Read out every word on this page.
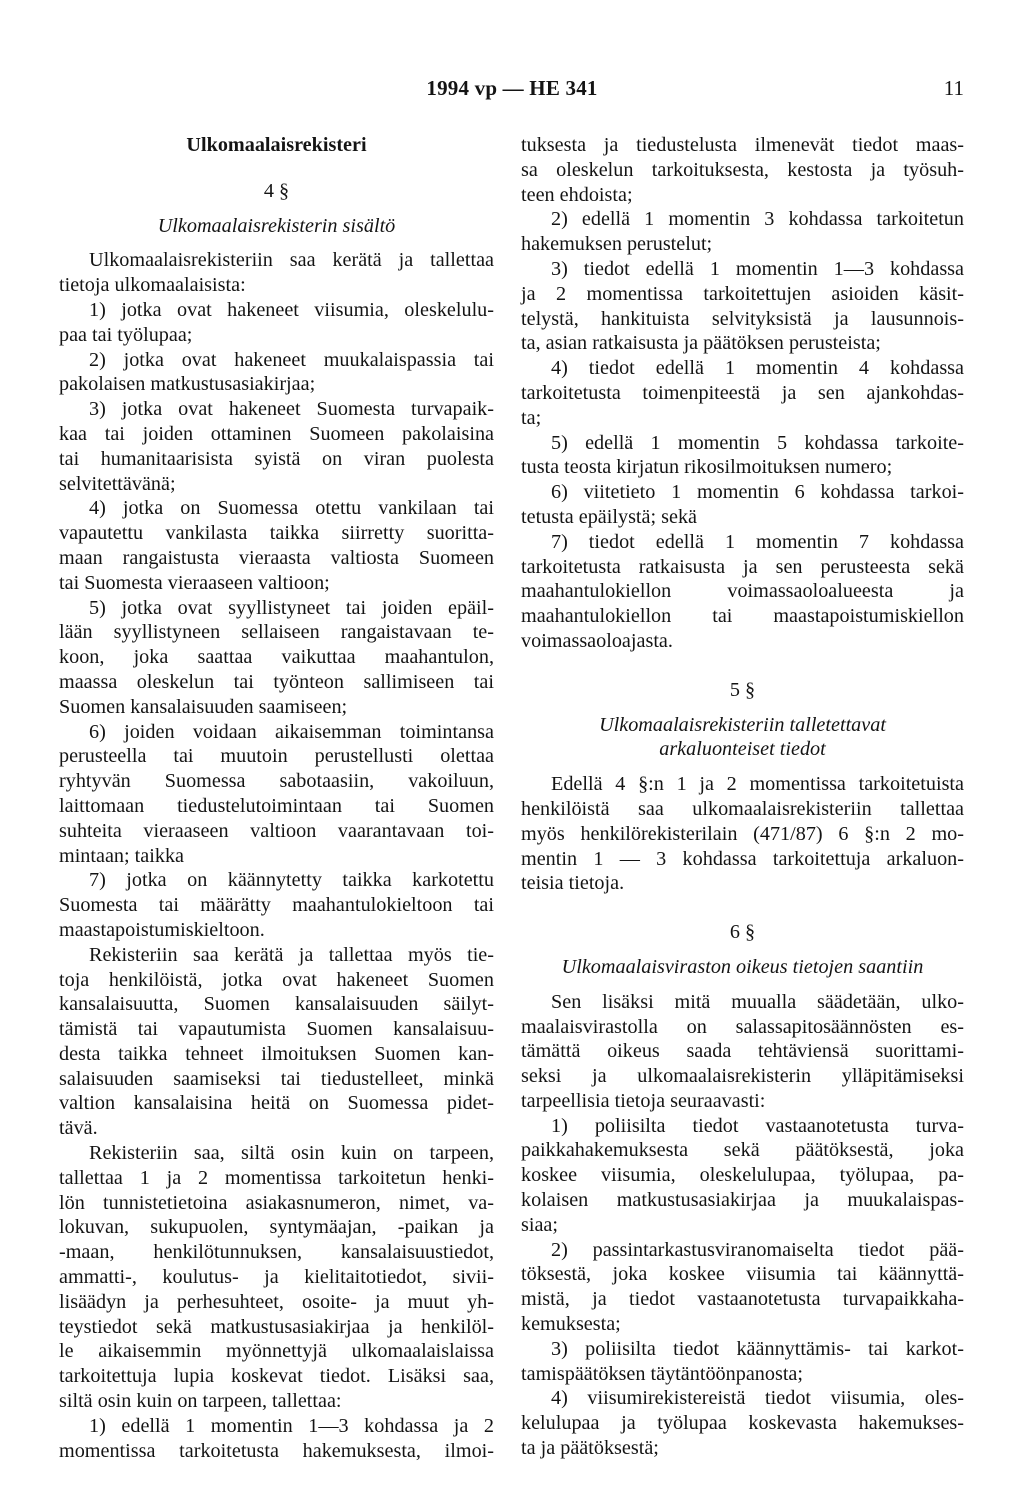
1994 vp — HE 341	11
Ulkomaalaisrekisteri
4 §
Ulkomaalaisrekisterin sisältö
Ulkomaalaisrekisteriin saa kerätä ja tallettaa
tietoja ulkomaalaisista:
1) jotka ovat hakeneet viisumia, oleskelulu-
paa tai työlupaa;
2) jotka ovat hakeneet muukalaispassia tai
pakolaisen matkustusasiakirjaa;
3) jotka ovat hakeneet Suomesta turvapaik-
kaa tai joiden ottaminen Suomeen pakolaisina
tai humanitaarisista syistä on viran puolesta
selvitettävänä;
4) jotka on Suomessa otettu vankilaan tai
vapautettu vankilasta taikka siirretty suoritta-
maan rangaistusta vieraasta valtiosta Suomeen
tai Suomesta vieraaseen valtioon;
5) jotka ovat syyllistyneet tai joiden epäil-
lään syyllistyneen sellaiseen rangaistavaan te-
koon, joka saattaa vaikuttaa maahantulon,
maassa oleskelun tai työnteon sallimiseen tai
Suomen kansalaisuuden saamiseen;
6) joiden voidaan aikaisemman toimintansa
perusteella tai muutoin perustellusti olettaa
ryhtyvän Suomessa sabotaasiin, vakoiluun,
laittomaan tiedustelutoimintaan tai Suomen
suhteita vieraaseen valtioon vaarantavaan toi-
mintaan; taikka
7) jotka on käännytetty taikka karkotettu
Suomesta tai määrätty maahantulokieltoon tai
maastapoistumiskieltoon.
Rekisteriin saa kerätä ja tallettaa myös tie-
toja henkilöistä, jotka ovat hakeneet Suomen
kansalaisuutta, Suomen kansalaisuuden säilyt-
tämistä tai vapautumista Suomen kansalaisuu-
desta taikka tehneet ilmoituksen Suomen kan-
salaisuuden saamiseksi tai tiedustelleet, minkä
valtion kansalaisina heitä on Suomessa pidet-
tävä.
Rekisteriin saa, siltä osin kuin on tarpeen,
tallettaa 1 ja 2 momentissa tarkoitetun henki-
lön tunnistetietoina asiakasnumeron, nimet, va-
lokuvan, sukupuolen, syntymäajan, -paikan ja
-maan, henkilötunnuksen, kansalaisuustiedot,
ammatti-, koulutus- ja kielitaitotiedot, sivii-
lisäädyn ja perhesuhteet, osoite- ja muut yh-
teystiedot sekä matkustusasiakirjaa ja henkilöl-
le aikaisemmin myönnettyjä ulkomaalaislaissa
tarkoitettuja lupia koskevat tiedot. Lisäksi saa,
siltä osin kuin on tarpeen, tallettaa:
1) edellä 1 momentin 1—3 kohdassa ja 2
momentissa tarkoitetusta hakemuksesta, ilmoi-
tuksesta ja tiedustelusta ilmenevät tiedot maas-
sa oleskelun tarkoituksesta, kestosta ja työsuh-
teen ehdoista;
2) edellä 1 momentin 3 kohdassa tarkoitetun
hakemuksen perustelut;
3) tiedot edellä 1 momentin 1—3 kohdassa
ja 2 momentissa tarkoitettujen asioiden käsit-
telystä, hankituista selvityksistä ja lausunnois-
ta, asian ratkaisusta ja päätöksen perusteista;
4) tiedot edellä 1 momentin 4 kohdassa
tarkoitetusta toimenpiteestä ja sen ajankohdas-
ta;
5) edellä 1 momentin 5 kohdassa tarkoite-
tusta teosta kirjatun rikosilmoituksen numero;
6) viitetieto 1 momentin 6 kohdassa tarkoi-
tetusta epäilystä; sekä
7) tiedot edellä 1 momentin 7 kohdassa
tarkoitetusta ratkaisusta ja sen perusteesta sekä
maahantulokiellon voimassaoloalueesta ja
maahantulokiellon tai maastapoistumiskiellon
voimassaoloajasta.
5 §
Ulkomaalaisrekisteriin talletettavat
arkaluonteiset tiedot
Edellä 4 §:n 1 ja 2 momentissa tarkoitetuista
henkilöistä saa ulkomaalaisrekisteriin tallettaa
myös henkilörekisterilain (471/87) 6 §:n 2 mo-
mentin 1 — 3 kohdassa tarkoitettuja arkaluon-
teisia tietoja.
6 §
Ulkomaalaisviraston oikeus tietojen saantiin
Sen lisäksi mitä muualla säädetään, ulko-
maalaisvirastolla on salassapitosäännösten es-
tämättä oikeus saada tehtäviensä suorittami-
seksi ja ulkomaalaisrekisterin ylläpitämiseksi
tarpeellisia tietoja seuraavasti:
1) poliisilta tiedot vastaanotetusta turva-
paikkahakemuksesta sekä päätöksestä, joka
koskee viisumia, oleskelulupaa, työlupaa, pa-
kolaisen matkustusasiakirjaa ja muukalaispas-
siaa;
2) passintarkastusviranomaiselta tiedot pää-
töksestä, joka koskee viisumia tai käännyttä-
mistä, ja tiedot vastaanotetusta turvapaikkaha-
kemuksesta;
3) poliisilta tiedot käännyttämis- tai karkot-
tamispäätöksen täytäntöönpanosta;
4) viisumirekistereistä tiedot viisumia, oles-
kelulupaa ja työlupaa koskevasta hakemukses-
ta ja päätöksestä;
